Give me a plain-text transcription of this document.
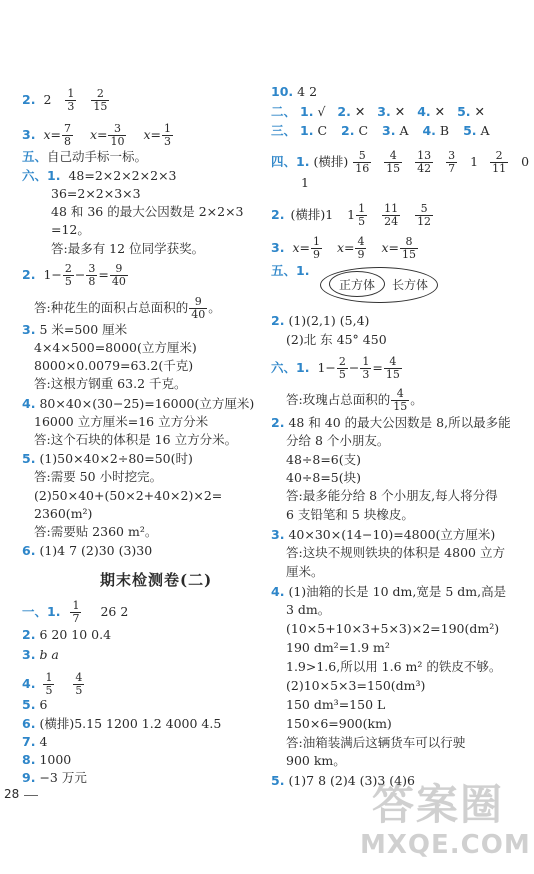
2. $2 \frac{1}{3}$
$\frac{2}{15}$
3. $x= \frac{7}{8} x= \frac{3}{10} x= \frac{1}{3}$
五、自己动手标一标。
六、1. 48=2×2×2×2×3
36=2×2×3×3
48 和 36 的最大公因数是 2×2×3
=12。
答:最多有 12 位同学获奖。
2. $1- \frac{2}{5} - \frac{3}{8} = \frac{9}{40}$
答:种花生的面积占总面积的 $\frac{9}{40}$ 。
3. 5 米=500 厘米
4×4×500=8000(立方厘米)
8000×0.0079=63.2(千克)
答:这根方钢重 63.2 千克。
4. 80×40×(30−25)=16000(立方厘米)
16000 立方厘米=16 立方分米
答:这个石块的体积是 16 立方分米。
5. (1)50×40×2÷80=50(时)
答:需要 50 小时挖完。
(2)50×40+(50×2+40×2)×2=
2360(m²)
答:需要贴 2360 m²。
6. (1)4 7 (2)30 (3)30
期末检测卷(二)
一、1. $\frac{1}{7} 26$ 2
2. 6 20 10 0.4
3. b a
4. $\frac{1}{5}$
$\frac{4}{5}$
5. 6
6. (横排)5.15 1200 1.2 4000 4.5
7. 4
8. 1000
9. −3 万元
10. 4 2
二、 1. √ 2. ✕ 3. ✕ 4. ✕ 5. ✕
三、 1. C 2. C 3. A 4. B 5. A
四、1. (横排) $\frac{5}{16}$
$\frac{4}{15}$
$\frac{13}{42}$
$\frac{3}{7} 1 \frac{2}{11} 0$
1
2. (横排)1 $1 \frac{1}{5}$
$\frac{11}{24}$
$\frac{5}{12}$
3. $x= \frac{1}{9} x= \frac{4}{9} x= \frac{8}{15}$
五、1.
正方体 长方体
2. (1)(2,1) (5,4)
(2)北 东 45° 450
六、1. $1- \frac{2}{5} - \frac{1}{3} = \frac{4}{15}$
答:玫瑰占总面积的 $\frac{4}{15}$ 。
2. 48 和 40 的最大公因数是 8,所以最多能
分给 8 个小朋友。
48÷8=6(支)
40÷8=5(块)
答:最多能分给 8 个小朋友,每人将分得
6 支铅笔和 5 块橡皮。
3. 40×30×(14−10)=4800(立方厘米)
答:这块不规则铁块的体积是 4800 立方
厘米。
4. (1)油箱的长是 10 dm,宽是 5 dm,高是
3 dm。
(10×5+10×3+5×3)×2=190(dm²)
190 dm²=1.9 m²
1.9>1.6,所以用 1.6 m² 的铁皮不够。
(2)10×5×3=150(dm³)
150 dm³=150 L
150×6=900(km)
答:油箱装满后这辆货车可以行驶
900 km。
5. (1)7 8 (2)4 (3)3 (4)6
28	答案圈
MXQE.COM
